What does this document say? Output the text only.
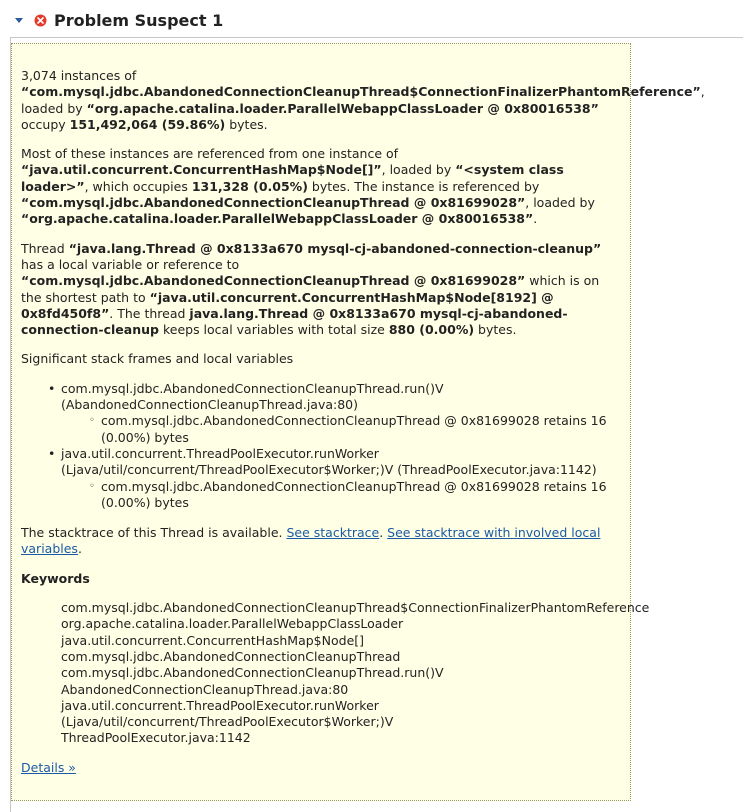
Problem Suspect 1

3,074 instances of
“com.mysql.jdbc.AbandonedConnectionCleanupThread$ConnectionFinalizerPhantomReference”, loaded by “org.apache.catalina.loader.ParallelWebappClassLoader @ 0x80016538” occupy 151,492,064 (59.86%) bytes.

Most of these instances are referenced from one instance of “java.util.concurrent.ConcurrentHashMap$Node[]”, loaded by “<system class loader>”, which occupies 131,328 (0.05%) bytes. The instance is referenced by “com.mysql.jdbc.AbandonedConnectionCleanupThread @ 0x81699028”, loaded by “org.apache.catalina.loader.ParallelWebappClassLoader @ 0x80016538”.

Thread “java.lang.Thread @ 0x8133a670 mysql-cj-abandoned-connection-cleanup” has a local variable or reference to “com.mysql.jdbc.AbandonedConnectionCleanupThread @ 0x81699028” which is on the shortest path to “java.util.concurrent.ConcurrentHashMap$Node[8192] @ 0x8fd450f8”. The thread java.lang.Thread @ 0x8133a670 mysql-cj-abandoned-connection-cleanup keeps local variables with total size 880 (0.00%) bytes.

Significant stack frames and local variables

• com.mysql.jdbc.AbandonedConnectionCleanupThread.run()V (AbandonedConnectionCleanupThread.java:80)
◦ com.mysql.jdbc.AbandonedConnectionCleanupThread @ 0x81699028 retains 16 (0.00%) bytes
• java.util.concurrent.ThreadPoolExecutor.runWorker (Ljava/util/concurrent/ThreadPoolExecutor$Worker;)V (ThreadPoolExecutor.java:1142)
◦ com.mysql.jdbc.AbandonedConnectionCleanupThread @ 0x81699028 retains 16 (0.00%) bytes

The stacktrace of this Thread is available. See stacktrace. See stacktrace with involved local variables.

Keywords
com.mysql.jdbc.AbandonedConnectionCleanupThread$ConnectionFinalizerPhantomReference
org.apache.catalina.loader.ParallelWebappClassLoader
java.util.concurrent.ConcurrentHashMap$Node[]
com.mysql.jdbc.AbandonedConnectionCleanupThread
com.mysql.jdbc.AbandonedConnectionCleanupThread.run()V
AbandonedConnectionCleanupThread.java:80
java.util.concurrent.ThreadPoolExecutor.runWorker
(Ljava/util/concurrent/ThreadPoolExecutor$Worker;)V
ThreadPoolExecutor.java:1142
Details »
